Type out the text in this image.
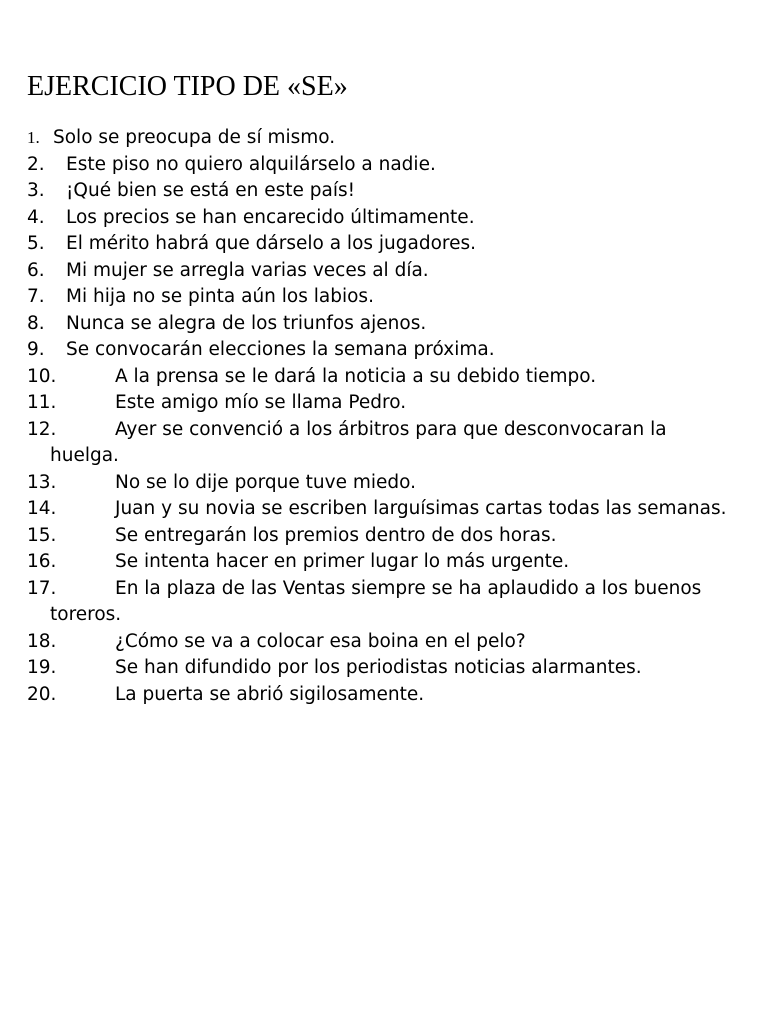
EJERCICIO TIPO DE «SE»
1. Solo se preocupa de sí mismo.
2. Este piso no quiero alquilárselo a nadie.
3. ¡Qué bien se está en este país!
4. Los precios se han encarecido últimamente.
5. El mérito habrá que dárselo a los jugadores.
6. Mi mujer se arregla varias veces al día.
7. Mi hija no se pinta aún los labios.
8. Nunca se alegra de los triunfos ajenos.
9. Se convocarán elecciones la semana próxima.
10.	A la prensa se le dará la noticia a su debido tiempo.
11.	Este amigo mío se llama Pedro.
12.	Ayer se convenció a los árbitros para que desconvocaran la
huelga.
13.	No se lo dije porque tuve miedo.
14.	Juan y su novia se escriben larguísimas cartas todas las semanas.
15.	Se entregarán los premios dentro de dos horas.
16.	Se intenta hacer en primer lugar lo más urgente.
17.	En la plaza de las Ventas siempre se ha aplaudido a los buenos
toreros.
18.	¿Cómo se va a colocar esa boina en el pelo?
19.	Se han difundido por los periodistas noticias alarmantes.
20.	La puerta se abrió sigilosamente.
